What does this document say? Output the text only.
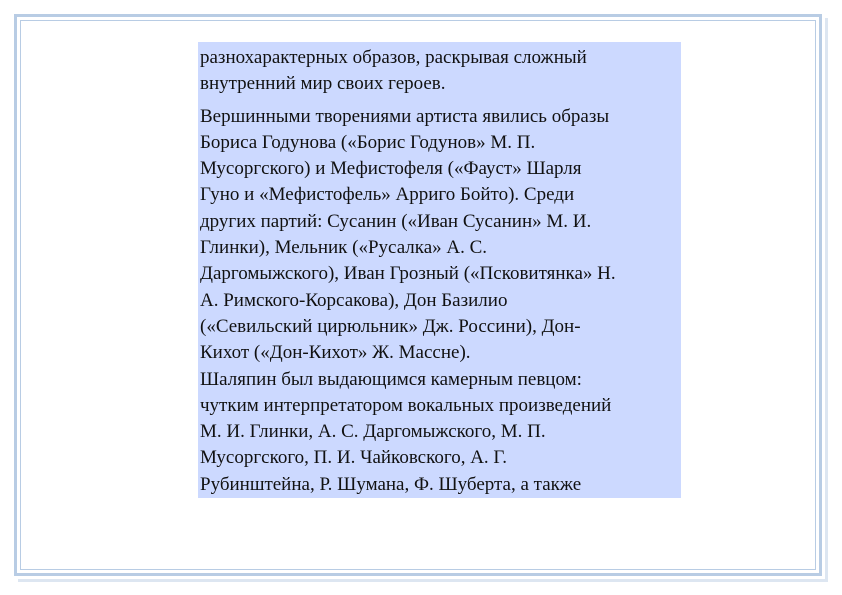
разнохарактерных образов, раскрывая сложный
внутренний мир своих героев.

Вершинными творениями артиста явились образы
Бориса Годунова («Борис Годунов» М. П.
Мусоргского) и Мефистофеля («Фауст» Шарля
Гуно и «Мефистофель» Арриго Бойто). Среди
других партий: Сусанин («Иван Сусанин» М. И.
Глинки), Мельник («Русалка» А. С.
Даргомыжского), Иван Грозный («Псковитянка» Н.
А. Римского-Корсакова), Дон Базилио
(«Севильский цирюльник» Дж. Россини), Дон-
Кихот («Дон-Кихот» Ж. Массне).

Шаляпин был выдающимся камерным певцом:
чутким интерпретатором вокальных произведений
М. И. Глинки, А. С. Даргомыжского, М. П.
Мусоргского, П. И. Чайковского, А. Г.
Рубинштейна, Р. Шумана, Ф. Шуберта, а также
